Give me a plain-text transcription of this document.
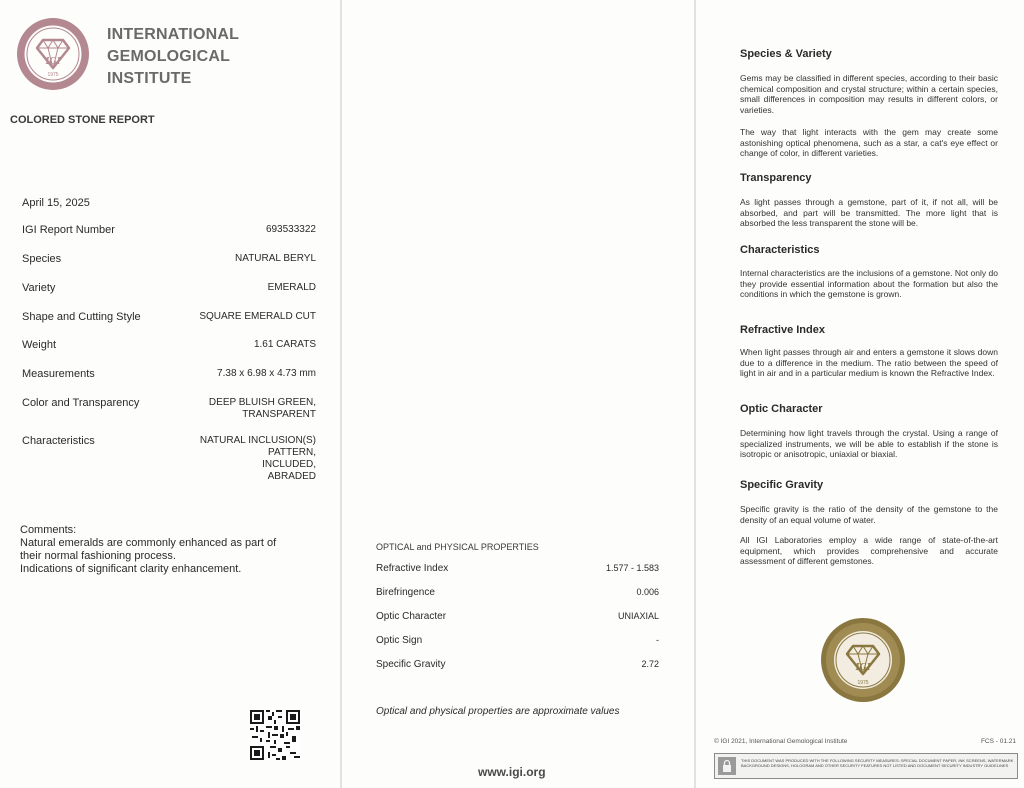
IGI
1975
INTERNATIONAL
GEMOLOGICAL
INSTITUTE
COLORED STONE REPORT
April 15, 2025
IGI Report Number	693533322
Species	NATURAL BERYL
Variety	EMERALD
Shape and Cutting Style	SQUARE EMERALD CUT
Weight	1.61 CARATS
Measurements	7.38 x 6.98 x 4.73 mm
Color and Transparency	DEEP BLUISH GREEN,
TRANSPARENT
Characteristics	NATURAL INCLUSION(S)
PATTERN,
INCLUDED,
ABRADED
Comments:
Natural emeralds are commonly enhanced as part of
their normal fashioning process.
Indications of significant clarity enhancement.
OPTICAL and PHYSICAL PROPERTIES
Refractive Index	1.577 - 1.583
Birefringence	0.006
Optic Character	UNIAXIAL
Optic Sign	-
Specific Gravity	2.72
Optical and physical properties are approximate values
www.igi.org
Species & Variety
Gems may be classified in different species, according to their basic chemical composition and crystal structure; within a certain species, small differences in composition may results in different colors, or varieties.
The way that light interacts with the gem may create some astonishing optical phenomena, such as a star, a cat's eye effect or change of color, in different varieties.
Transparency
As light passes through a gemstone, part of it, if not all, will be absorbed, and part will be transmitted. The more light that is absorbed the less transparent the stone will be.
Characteristics
Internal characteristics are the inclusions of a gemstone. Not only do they provide essential information about the formation but also the conditions in which the gemstone is grown.
Refractive Index
When light passes through air and enters a gemstone it slows down due to a difference in the medium. The ratio between the speed of light in air and in a particular medium is known the Refractive Index.
Optic Character
Determining how light travels through the crystal. Using a range of specialized instruments, we will be able to establish if the stone is isotropic or anisotropic, uniaxial or biaxial.
Specific Gravity
Specific gravity is the ratio of the density of the gemstone to the density of an equal volume of water.
All IGI Laboratories employ a wide range of state-of-the-art equipment, which provides comprehensive and accurate assessment of different gemstones.
IGI
1975
© IGI 2021, International Gemological Institute	FCS - 01.21
THIS DOCUMENT WAS PRODUCED WITH THE FOLLOWING SECURITY MEASURES: SPECIAL DOCUMENT PAPER, INK SCREENS, WATERMARK BACKGROUND DESIGNS, HOLOGRAM AND OTHER SECURITY FEATURES NOT LISTED AND DOCUMENT SECURITY INDUSTRY GUIDELINES
